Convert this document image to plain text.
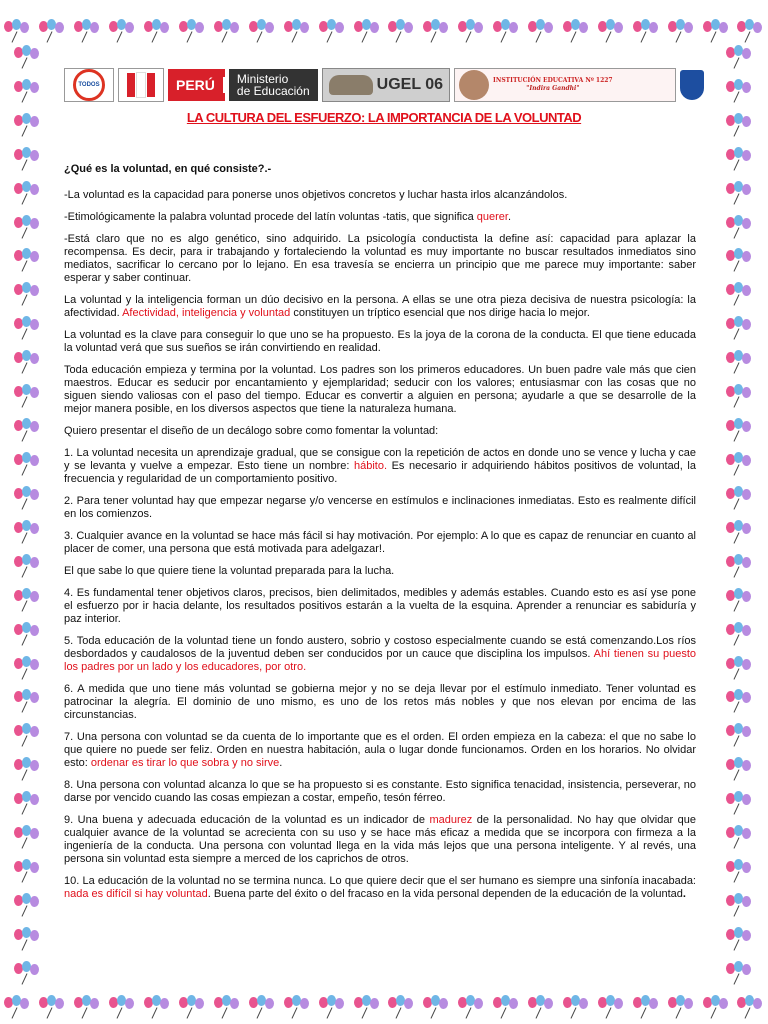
TODOS	PERÚ	Ministerio
de Educación	UGEL 06	INSTITUCIÓN EDUCATIVA Nº 1227
"Indira Gandhi"
LA CULTURA DEL ESFUERZO: LA IMPORTANCIA DE LA VOLUNTAD

¿Qué es la voluntad, en qué consiste?.-

-La voluntad es la capacidad para ponerse unos objetivos concretos y luchar hasta irlos alcanzándolos.

-Etimológicamente la palabra voluntad procede del latín voluntas -tatis, que significa querer.

-Está claro que no es algo genético, sino adquirido. La psicología conductista la define así: capacidad para aplazar la recompensa. Es decir, para ir trabajando y fortaleciendo la voluntad es muy importante no buscar resultados inmediatos sino mediatos, sacrificar lo cercano por lo lejano. En esa travesía se encierra un principio que me parece muy importante: saber esperar y saber continuar.

La voluntad y la inteligencia forman un dúo decisivo en la persona. A ellas se une otra pieza decisiva de nuestra psicología: la afectividad. Afectividad, inteligencia y voluntad constituyen un tríptico esencial que nos dirige hacia lo mejor.

La voluntad es la clave para conseguir lo que uno se ha propuesto. Es la joya de la corona de la conducta. El que tiene educada la voluntad verá que sus sueños se irán convirtiendo en realidad.

Toda educación empieza y termina por la voluntad. Los padres son los primeros educadores. Un buen padre vale más que cien maestros. Educar es seducir por encantamiento y ejemplaridad; seducir con los valores; entusiasmar con las cosas que no siguen siendo valiosas con el paso del tiempo. Educar es convertir a alguien en persona; ayudarle a que se desarrolle de la mejor manera posible, en los diversos aspectos que tiene la naturaleza humana.

Quiero presentar el diseño de un decálogo sobre como fomentar la voluntad:

1. La voluntad necesita un aprendizaje gradual, que se consigue con la repetición de actos en donde uno se vence y lucha y cae y se levanta y vuelve a empezar. Esto tiene un nombre: hábito. Es necesario ir adquiriendo hábitos positivos de voluntad, la frecuencia y regularidad de un comportamiento positivo.

2. Para tener voluntad hay que empezar negarse y/o vencerse en estímulos e inclinaciones inmediatas. Esto es realmente difícil en los comienzos.

3. Cualquier avance en la voluntad se hace más fácil si hay motivación. Por ejemplo: A lo que es capaz de renunciar en cuanto al placer de comer, una persona que está motivada para adelgazar!.

El que sabe lo que quiere tiene la voluntad preparada para la lucha.

4. Es fundamental tener objetivos claros, precisos, bien delimitados, medibles y además estables. Cuando esto es así yse pone el esfuerzo por ir hacia delante, los resultados positivos estarán a la vuelta de la esquina. Aprender a renunciar es sabiduría y paz interior.

5. Toda educación de la voluntad tiene un fondo austero, sobrio y costoso especialmente cuando se está comenzando.Los ríos desbordados y caudalosos de la juventud deben ser conducidos por un cauce que disciplina los impulsos. Ahí tienen su puesto los padres por un lado y los educadores, por otro.

6. A medida que uno tiene más voluntad se gobierna mejor y no se deja llevar por el estímulo inmediato. Tener voluntad es patrocinar la alegría. El dominio de uno mismo, es uno de los retos más nobles y que nos elevan por encima de las circunstancias.

7. Una persona con voluntad se da cuenta de lo importante que es el orden. El orden empieza en la cabeza: el que no sabe lo que quiere no puede ser feliz. Orden en nuestra habitación, aula o lugar donde funcionamos. Orden en los horarios. No olvidar esto: ordenar es tirar lo que sobra y no sirve.

8. Una persona con voluntad alcanza lo que se ha propuesto si es constante. Esto significa tenacidad, insistencia, perseverar, no darse por vencido cuando las cosas empiezan a costar, empeño, tesón férreo.

9. Una buena y adecuada educación de la voluntad es un indicador de madurez de la personalidad. No hay que olvidar que cualquier avance de la voluntad se acrecienta con su uso y se hace más eficaz a medida que se incorpora con firmeza a la ingeniería de la conducta. Una persona con voluntad llega en la vida más lejos que una persona inteligente. Y al revés, una persona sin voluntad esta siempre a merced de los caprichos de otros.

10. La educación de la voluntad no se termina nunca. Lo que quiere decir que el ser humano es siempre una sinfonía inacabada: nada es difícil si hay voluntad. Buena parte del éxito o del fracaso en la vida personal dependen de la educación de la voluntad.
